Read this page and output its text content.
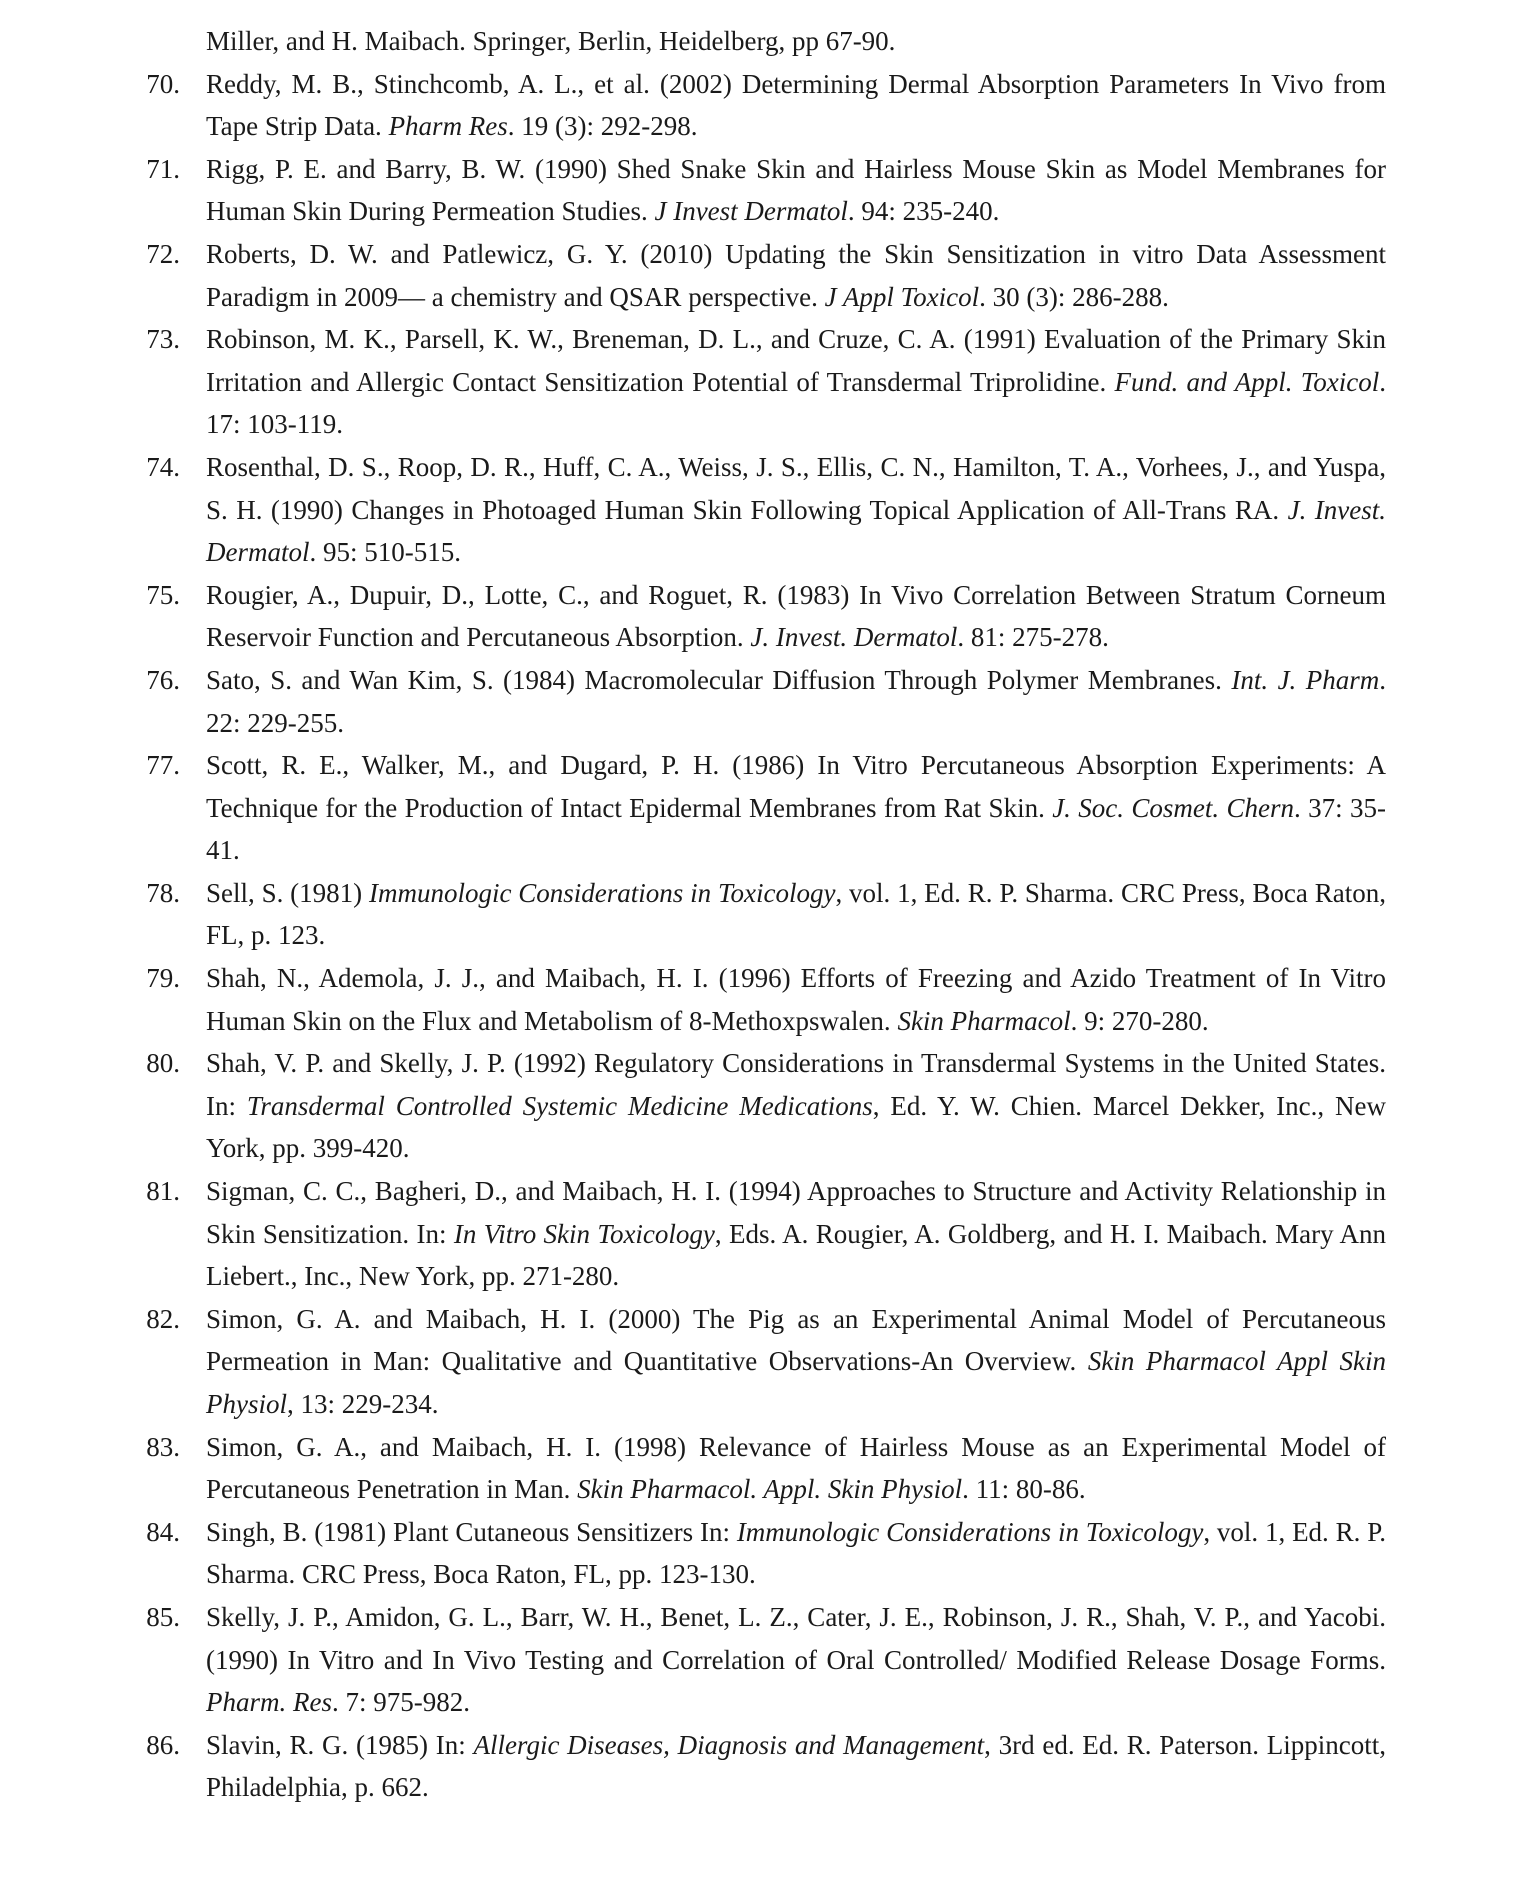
Miller, and H. Maibach. Springer, Berlin, Heidelberg, pp 67-90.
70. Reddy, M. B., Stinchcomb, A. L., et al. (2002) Determining Dermal Absorption Parameters In Vivo from Tape Strip Data. Pharm Res. 19 (3): 292-298.
71. Rigg, P. E. and Barry, B. W. (1990) Shed Snake Skin and Hairless Mouse Skin as Model Membranes for Human Skin During Permeation Studies. J Invest Dermatol. 94: 235-240.
72. Roberts, D. W. and Patlewicz, G. Y. (2010) Updating the Skin Sensitization in vitro Data Assessment Paradigm in 2009— a chemistry and QSAR perspective. J Appl Toxicol. 30 (3): 286-288.
73. Robinson, M. K., Parsell, K. W., Breneman, D. L., and Cruze, C. A. (1991) Evaluation of the Primary Skin Irritation and Allergic Contact Sensitization Potential of Transdermal Triprolidine. Fund. and Appl. Toxicol. 17: 103-119.
74. Rosenthal, D. S., Roop, D. R., Huff, C. A., Weiss, J. S., Ellis, C. N., Hamilton, T. A., Vorhees, J., and Yuspa, S. H. (1990) Changes in Photoaged Human Skin Following Topical Application of All-Trans RA. J. Invest. Dermatol. 95: 510-515.
75. Rougier, A., Dupuir, D., Lotte, C., and Roguet, R. (1983) In Vivo Correlation Between Stratum Corneum Reservoir Function and Percutaneous Absorption. J. Invest. Dermatol. 81: 275-278.
76. Sato, S. and Wan Kim, S. (1984) Macromolecular Diffusion Through Polymer Membranes. Int. J. Pharm. 22: 229-255.
77. Scott, R. E., Walker, M., and Dugard, P. H. (1986) In Vitro Percutaneous Absorption Experiments: A Technique for the Production of Intact Epidermal Membranes from Rat Skin. J. Soc. Cosmet. Chern. 37: 35-41.
78. Sell, S. (1981) Immunologic Considerations in Toxicology, vol. 1, Ed. R. P. Sharma. CRC Press, Boca Raton, FL, p. 123.
79. Shah, N., Ademola, J. J., and Maibach, H. I. (1996) Efforts of Freezing and Azido Treatment of In Vitro Human Skin on the Flux and Metabolism of 8-Methoxpswalen. Skin Pharmacol. 9: 270-280.
80. Shah, V. P. and Skelly, J. P. (1992) Regulatory Considerations in Transdermal Systems in the United States. In: Transdermal Controlled Systemic Medicine Medications, Ed. Y. W. Chien. Marcel Dekker, Inc., New York, pp. 399-420.
81. Sigman, C. C., Bagheri, D., and Maibach, H. I. (1994) Approaches to Structure and Activity Relationship in Skin Sensitization. In: In Vitro Skin Toxicology, Eds. A. Rougier, A. Goldberg, and H. I. Maibach. Mary Ann Liebert., Inc., New York, pp. 271-280.
82. Simon, G. A. and Maibach, H. I. (2000) The Pig as an Experimental Animal Model of Percutaneous Permeation in Man: Qualitative and Quantitative Observations-An Overview. Skin Pharmacol Appl Skin Physiol, 13: 229-234.
83. Simon, G. A., and Maibach, H. I. (1998) Relevance of Hairless Mouse as an Experimental Model of Percutaneous Penetration in Man. Skin Pharmacol. Appl. Skin Physiol. 11: 80-86.
84. Singh, B. (1981) Plant Cutaneous Sensitizers In: Immunologic Considerations in Toxicology, vol. 1, Ed. R. P. Sharma. CRC Press, Boca Raton, FL, pp. 123-130.
85. Skelly, J. P., Amidon, G. L., Barr, W. H., Benet, L. Z., Cater, J. E., Robinson, J. R., Shah, V. P., and Yacobi. (1990) In Vitro and In Vivo Testing and Correlation of Oral Controlled/ Modified Release Dosage Forms. Pharm. Res. 7: 975-982.
86. Slavin, R. G. (1985) In: Allergic Diseases, Diagnosis and Management, 3rd ed. Ed. R. Paterson. Lippincott, Philadelphia, p. 662.
